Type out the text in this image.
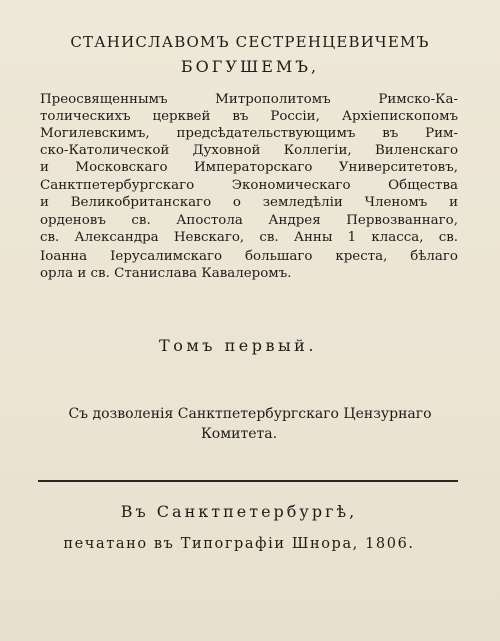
СТАНИСЛАВОМЪ СЕСТРЕНЦЕВИЧЕМЪ
БОГУШЕМЪ,
Преосвященнымъ Митрополитомъ Римско-Ка-
толическихъ церквей въ Россіи, Архіепископомъ
Могилевскимъ, предсѣдательствующимъ въ Рим-
ско-Католической Духовной Коллегіи, Виленскаго
и Московскаго Императорскаго Университетовъ,
Санктпетербургскаго Экономическаго Общества
и Великобританскаго о земледѣліи Членомъ и
орденовъ св. Апостола Андрея Первозваннаго,
св. Александра Невскаго, св. Анны 1 класса, св.
Іоанна Іерусалимскаго большаго креста, бѣлаго
орла и св. Станислава Кавалеромъ.
Томъ первый.
Съ дозволенія Санктпетербургскаго Цензурнаго
Комитета.
Въ Санктпетербургѣ,
печатано въ Типографіи Шнора, 1806.
